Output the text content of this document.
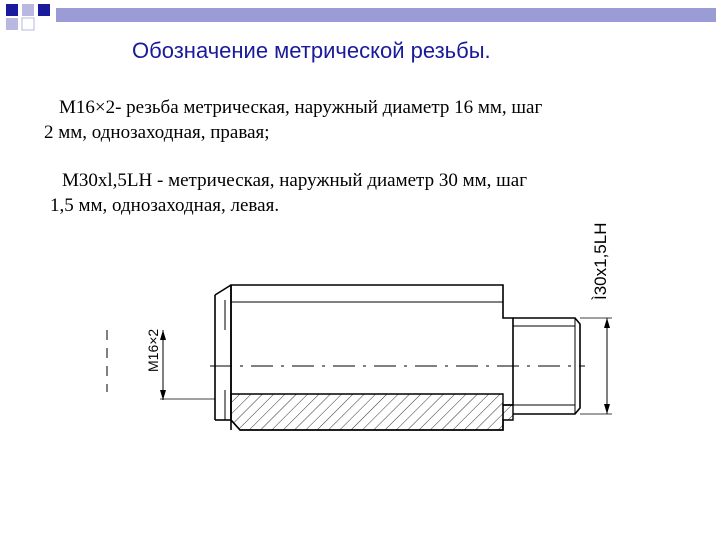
Обозначение метрической резьбы.
М16×2- резьба метрическая, наружный диаметр 16 мм, шаг
2 мм, однозаходная, правая;
М30хl,5LH - метрическая, наружный диаметр 30 мм, шаг
1,5 мм, однозаходная, левая.
М16×2
Ì30х1,5LH
